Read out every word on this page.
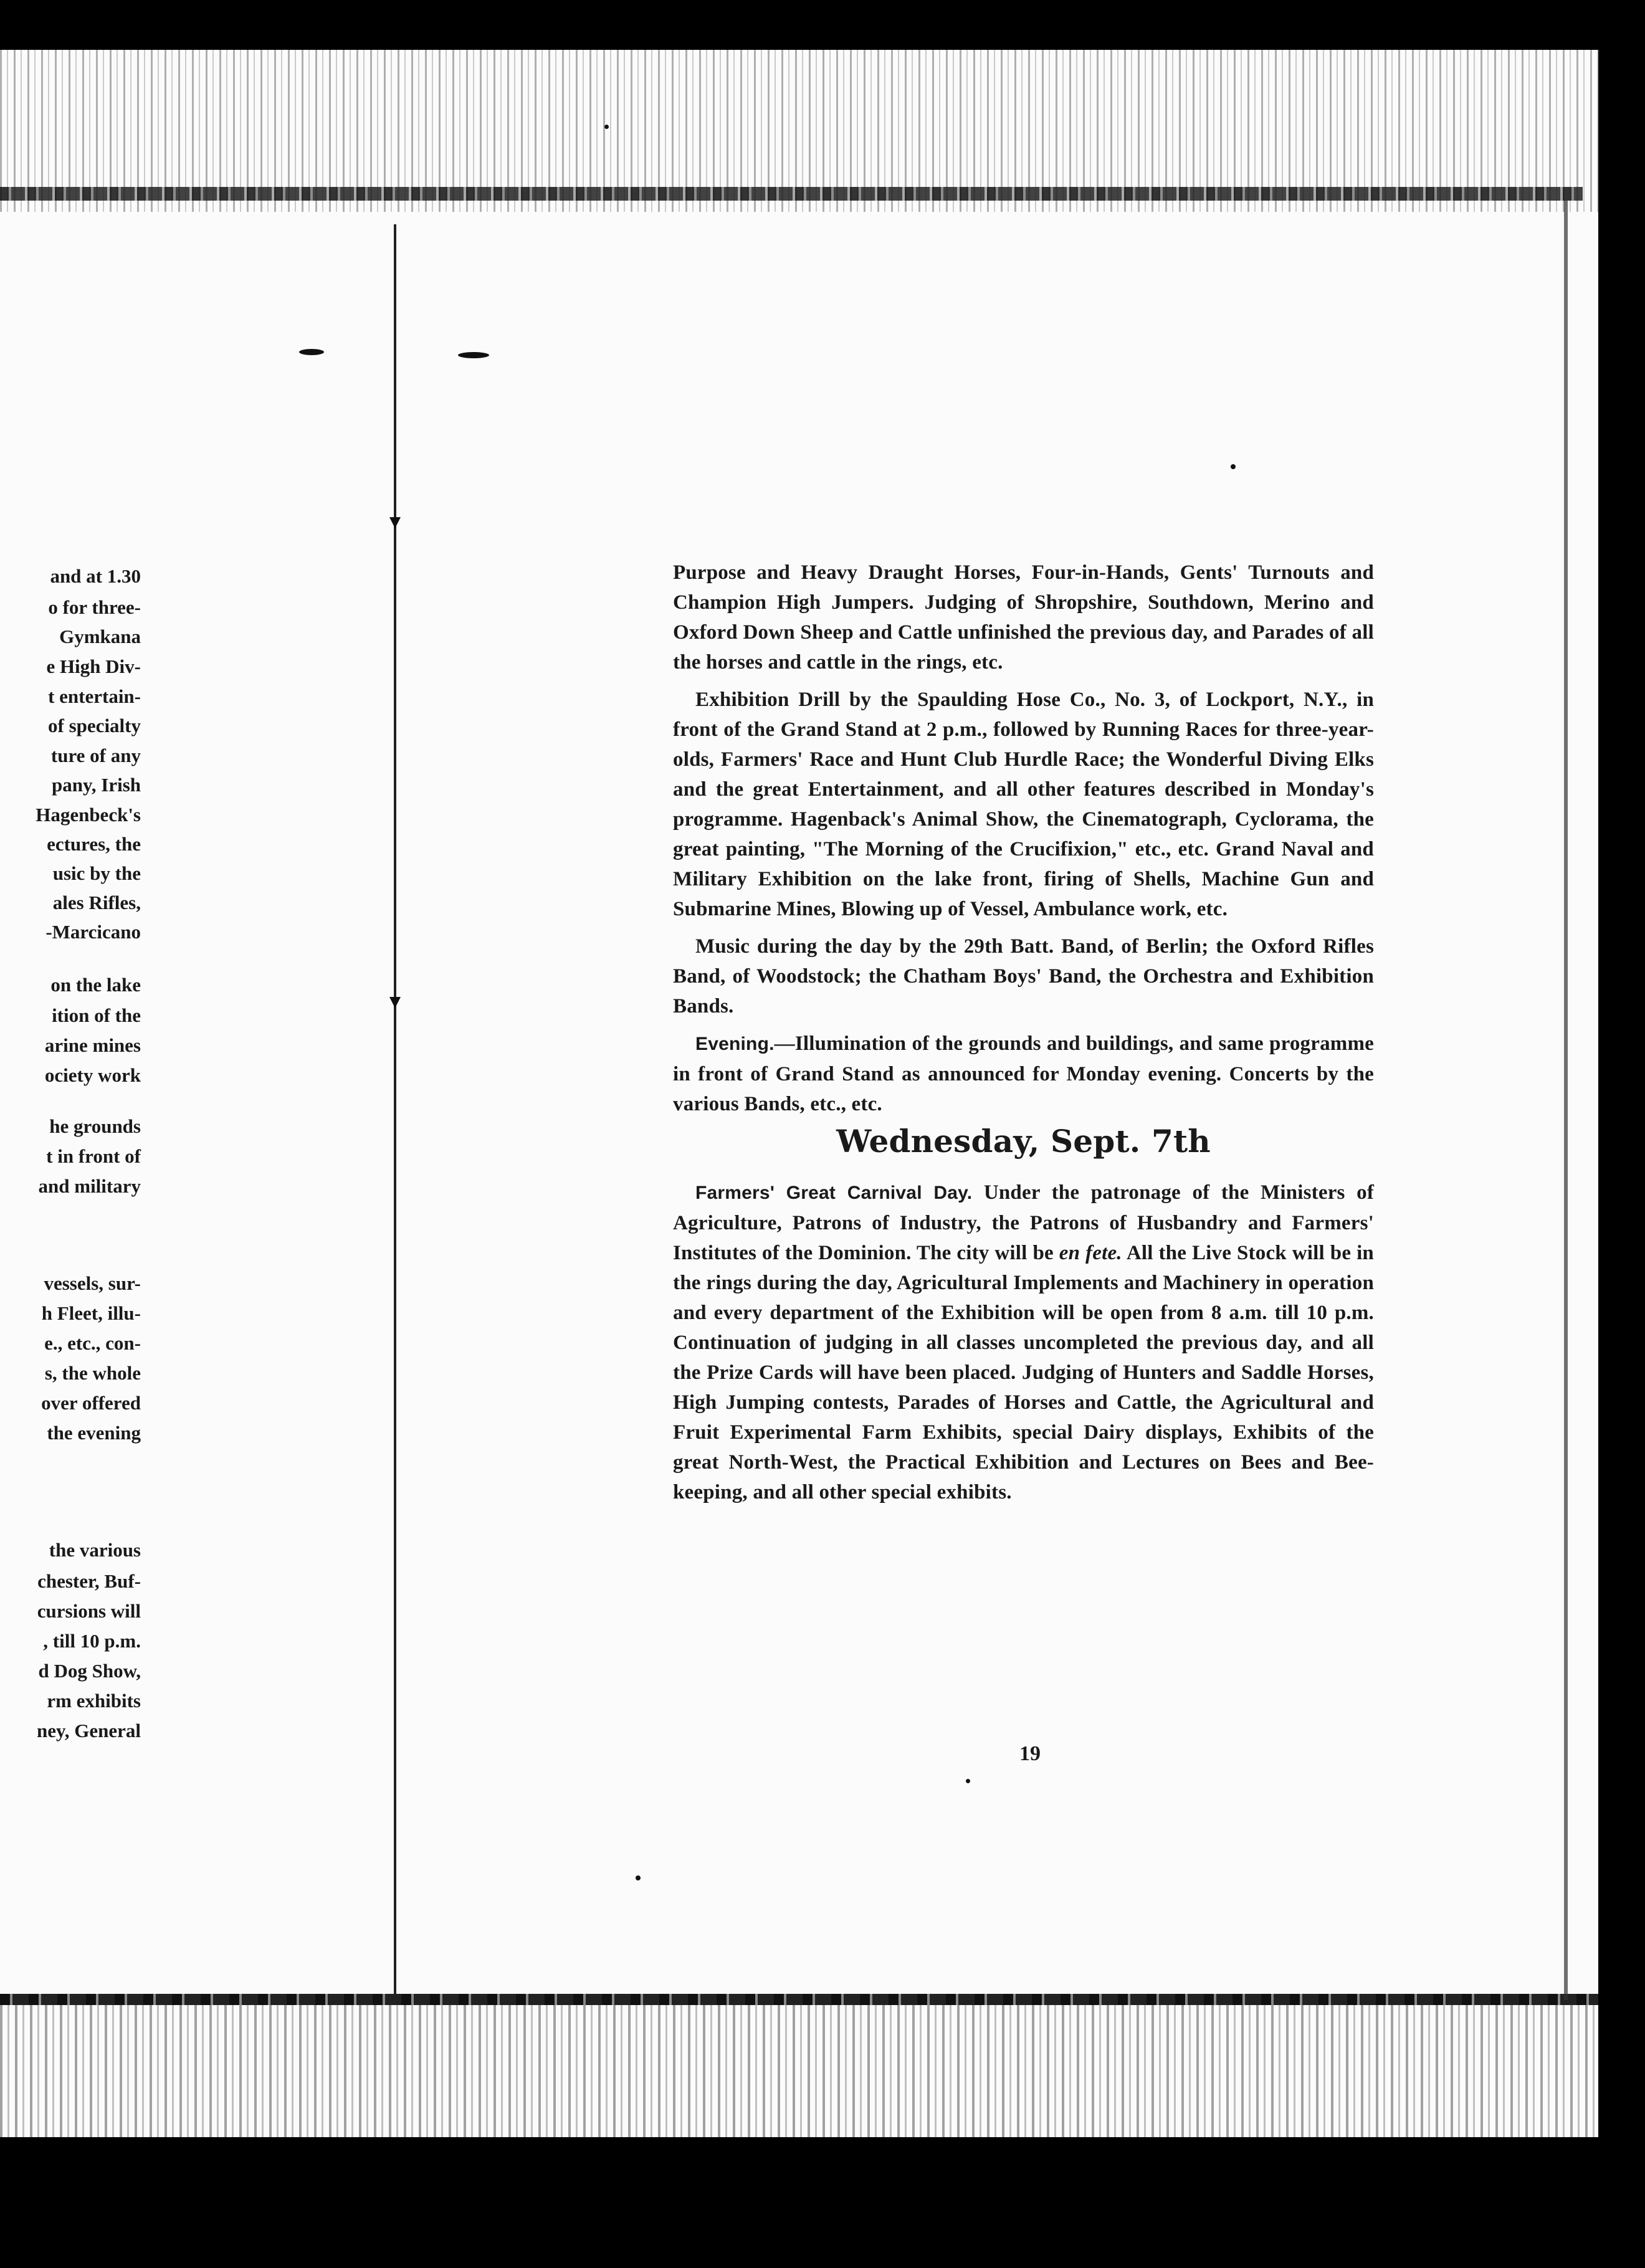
and at 1.30
o for three-
Gymkana
e High Div-
t entertain-
of specialty
ture of any
pany, Irish
Hagenbeck's
ectures, the
usic by the
ales Rifles,
-Marcicano
on the lake
ition of the
arine mines
ociety work
he grounds
t in front of
and military
vessels, sur-
h Fleet, illu-
e., etc., con-
s, the whole
over offered
the evening
the various
chester, Buf-
cursions will
, till 10 p.m.
d Dog Show,
rm exhibits
ney, General

Purpose and Heavy Draught Horses, Four-in-Hands, Gents' Turnouts and Champion High Jumpers. Judging of Shropshire, Southdown, Merino and Oxford Down Sheep and Cattle unfinished the previous day, and Parades of all the horses and cattle in the rings, etc.

Exhibition Drill by the Spaulding Hose Co., No. 3, of Lockport, N.Y., in front of the Grand Stand at 2 p.m., followed by Running Races for three-year-olds, Farmers' Race and Hunt Club Hurdle Race; the Wonderful Diving Elks and the great Entertainment, and all other features described in Monday's programme. Hagenback's Animal Show, the Cinematograph, Cyclorama, the great painting, "The Morning of the Crucifixion," etc., etc. Grand Naval and Military Exhibition on the lake front, firing of Shells, Machine Gun and Submarine Mines, Blowing up of Vessel, Ambulance work, etc.

Music during the day by the 29th Batt. Band, of Berlin; the Oxford Rifles Band, of Woodstock; the Chatham Boys' Band, the Orchestra and Exhibition Bands.

Evening.—Illumination of the grounds and buildings, and same programme in front of Grand Stand as announced for Monday evening. Concerts by the various Bands, etc., etc.

Wednesday, Sept. 7th

Farmers' Great Carnival Day. Under the patronage of the Ministers of Agriculture, Patrons of Industry, the Patrons of Husbandry and Farmers' Institutes of the Dominion. The city will be en fete. All the Live Stock will be in the rings during the day, Agricultural Implements and Machinery in operation and every department of the Exhibition will be open from 8 a.m. till 10 p.m. Continuation of judging in all classes uncompleted the previous day, and all the Prize Cards will have been placed. Judging of Hunters and Saddle Horses, High Jumping contests, Parades of Horses and Cattle, the Agricultural and Fruit Experimental Farm Exhibits, special Dairy displays, Exhibits of the great North-West, the Practical Exhibition and Lectures on Bees and Bee-keeping, and all other special exhibits.

19
